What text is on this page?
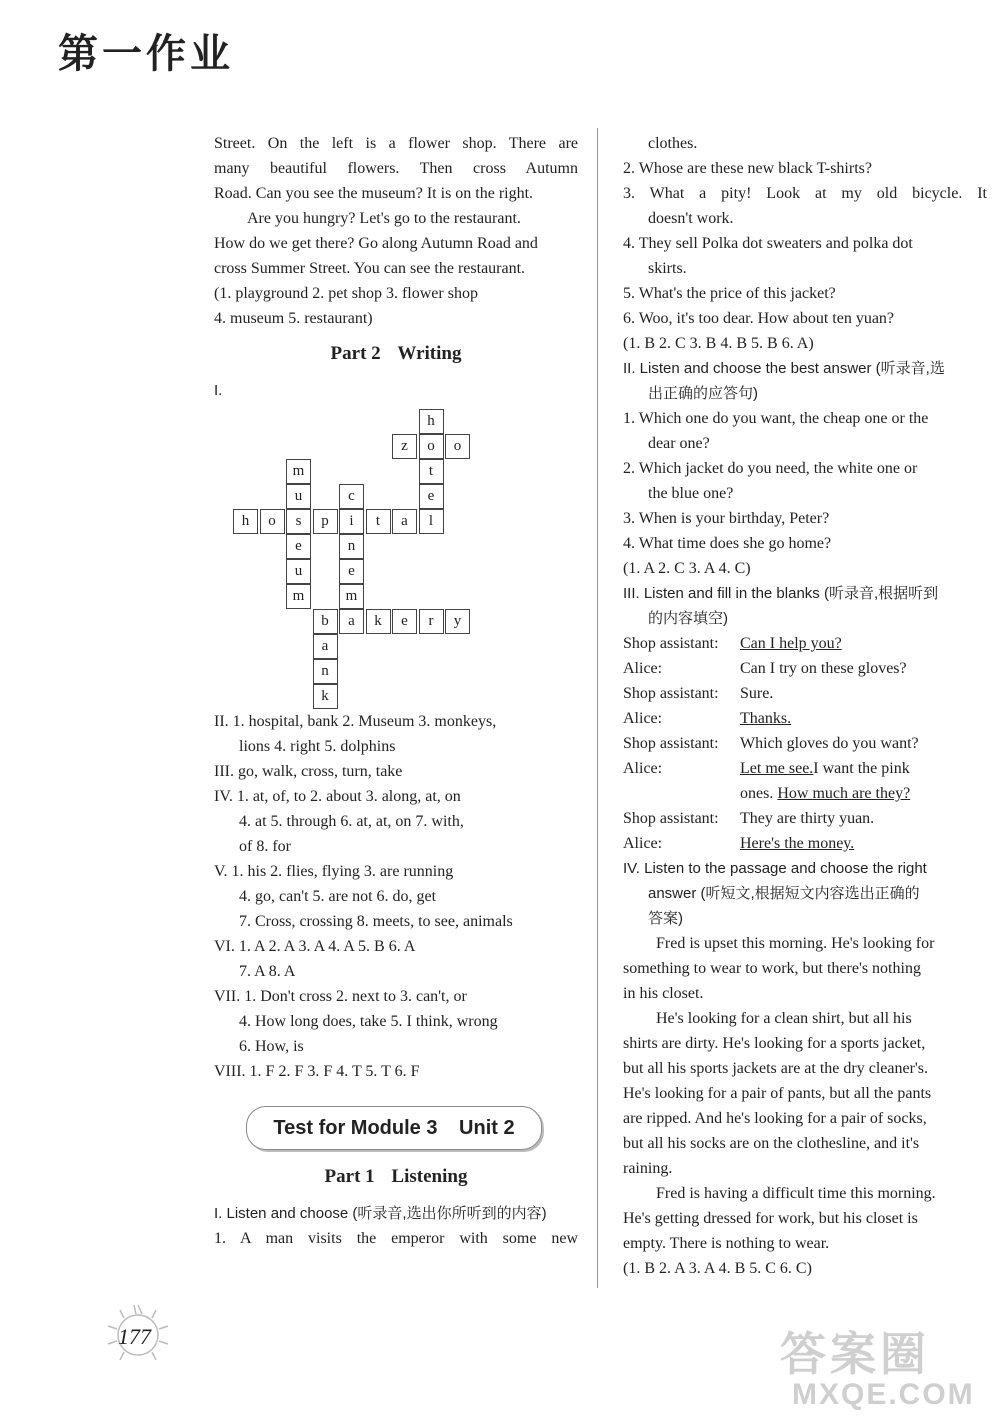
第一作业
Street. On the left is a flower shop. There are
many beautiful flowers. Then cross Autumn
Road. Can you see the museum? It is on the right.
Are you hungry? Let's go to the restaurant.
How do we get there? Go along Autumn Road and
cross Summer Street. You can see the restaurant.
(1. playground 2. pet shop 3. flower shop
4. museum 5. restaurant)
Part 2 Writing
I.
h
z	o	o
m	t
u	c	e
h	o	s	p	i	t	a	l
e	n
u	e
m	m
b	a	k	e	r	y
a
n
k
II. 1. hospital, bank 2. Museum 3. monkeys,
lions 4. right 5. dolphins
III. go, walk, cross, turn, take
IV. 1. at, of, to 2. about 3. along, at, on
4. at 5. through 6. at, at, on 7. with,
of 8. for
V. 1. his 2. flies, flying 3. are running
4. go, can't 5. are not 6. do, get
7. Cross, crossing 8. meets, to see, animals
VI. 1. A 2. A 3. A 4. A 5. B 6. A
7. A 8. A
VII. 1. Don't cross 2. next to 3. can't, or
4. How long does, take 5. I think, wrong
6. How, is
VIII. 1. F 2. F 3. F 4. T 5. T 6. F
Test for Module 3 Unit 2
Part 1 Listening
I. Listen and choose (听录音,选出你所听到的内容)
1. A man visits the emperor with some new
clothes.
2. Whose are these new black T-shirts?
3. What a pity! Look at my old bicycle. It
doesn't work.
4. They sell Polka dot sweaters and polka dot
skirts.
5. What's the price of this jacket?
6. Woo, it's too dear. How about ten yuan?
(1. B 2. C 3. B 4. B 5. B 6. A)
II. Listen and choose the best answer (听录音,选
出正确的应答句)
1. Which one do you want, the cheap one or the
dear one?
2. Which jacket do you need, the white one or
the blue one?
3. When is your birthday, Peter?
4. What time does she go home?
(1. A 2. C 3. A 4. C)
III. Listen and fill in the blanks (听录音,根据听到
的内容填空)
Shop assistant:	Can I help you?
Alice:	Can I try on these gloves?
Shop assistant:	Sure.
Alice:	Thanks.
Shop assistant:	Which gloves do you want?
Alice:	Let me see. I want the pink
ones.
How much are they?
Shop assistant:	They are thirty yuan.
Alice:	Here's the money.
IV. Listen to the passage and choose the right
answer (听短文,根据短文内容选出正确的
答案)
Fred is upset this morning. He's looking for
something to wear to work, but there's nothing
in his closet.
He's looking for a clean shirt, but all his
shirts are dirty. He's looking for a sports jacket,
but all his sports jackets are at the dry cleaner's.
He's looking for a pair of pants, but all the pants
are ripped. And he's looking for a pair of socks,
but all his socks are on the clothesline, and it's
raining.
Fred is having a difficult time this morning.
He's getting dressed for work, but his closet is
empty. There is nothing to wear.
(1. B 2. A 3. A 4. B 5. C 6. C)
177	答案圈
MXQE.COM
